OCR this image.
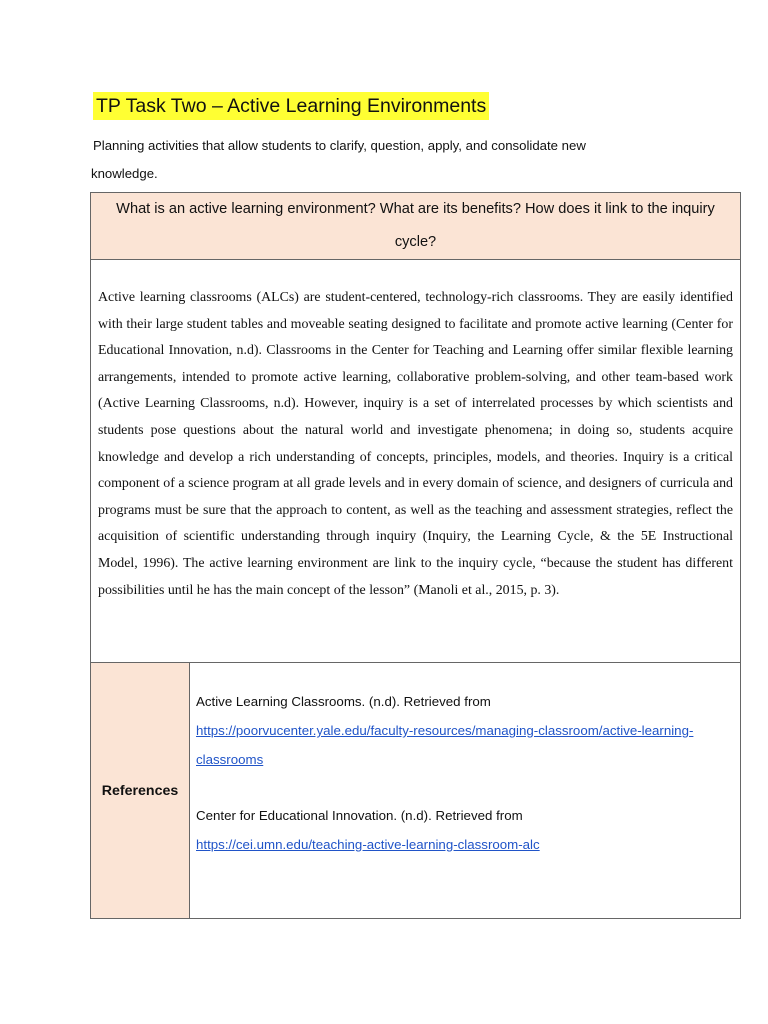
TP Task Two – Active Learning Environments
Planning activities that allow students to clarify, question, apply, and consolidate new
knowledge.
What is an active learning environment? What are its benefits? How does it link to the inquiry cycle?

Active learning classrooms (ALCs) are student-centered, technology-rich classrooms. They are easily identified with their large student tables and moveable seating designed to facilitate and promote active learning (Center for Educational Innovation, n.d). Classrooms in the Center for Teaching and Learning offer similar flexible learning arrangements, intended to promote active learning, collaborative problem-solving, and other team-based work (Active Learning Classrooms, n.d). However, inquiry is a set of interrelated processes by which scientists and students pose questions about the natural world and investigate phenomena; in doing so, students acquire knowledge and develop a rich understanding of concepts, principles, models, and theories. Inquiry is a critical component of a science program at all grade levels and in every domain of science, and designers of curricula and programs must be sure that the approach to content, as well as the teaching and assessment strategies, reflect the acquisition of scientific understanding through inquiry (Inquiry, the Learning Cycle, & the 5E Instructional Model, 1996). The active learning environment are link to the inquiry cycle, “because the student has different possibilities until he has the main concept of the lesson” (Manoli et al., 2015, p. 3).

References
Active Learning Classrooms. (n.d). Retrieved from
https://poorvucenter.yale.edu/faculty-resources/managing-classroom/active-learning-classrooms
Center for Educational Innovation. (n.d). Retrieved from
https://cei.umn.edu/teaching-active-learning-classroom-alc
